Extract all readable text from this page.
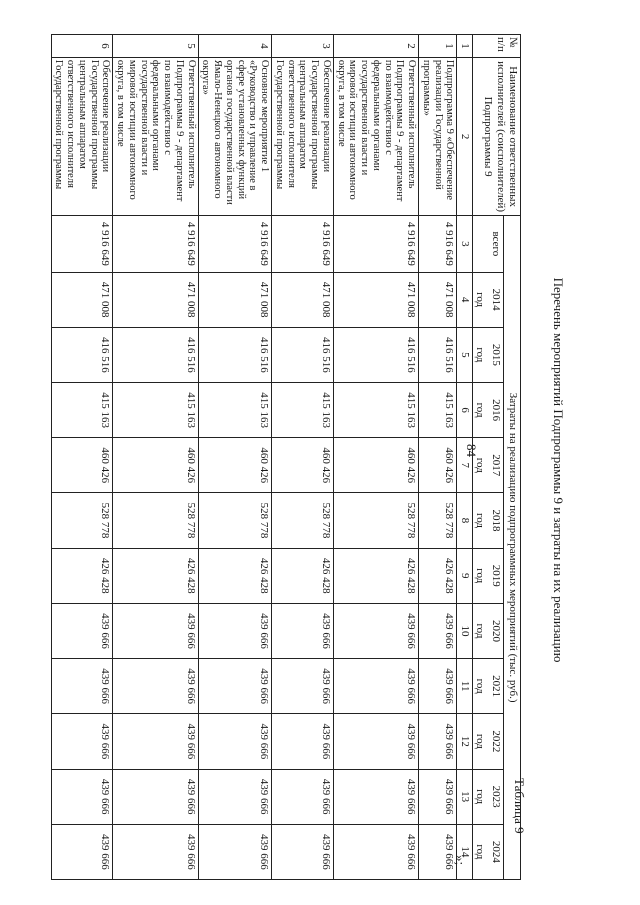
84
Таблица 9
Перечень мероприятий Подпрограммы 9 и затраты на их реализацию
№ п/п	Наименование ответственных исполнителей (соисполнителей) Подпрограммы 9	Затраты на реализацию подпрограммных мероприятий (тыс. руб.)											
		всего	2014	2015	2016	2017	2018	2019	2020	2021	2022	2023	2024
			год	год	год	год	год	год	год	год	год	год	год
1	2	3	4	5	6	7	8	9	10	11	12	13	14
1	Подпрограмма 9 «Обеспечение реализации Государственной программы»	4 916 649	471 008	416 516	415 163	460 426	528 778	426 428	439 666	439 666	439 666	439 666	439 666
2	Ответственный исполнитель Подпрограммы 9 - департамент по взаимодействию с федеральными органами государственной власти и мировой юстиции автономного округа, в том числе	4 916 649	471 008	416 516	415 163	460 426	528 778	426 428	439 666	439 666	439 666	439 666	439 666
3	Обеспечение реализации Государственной программы центральным аппаратом ответственного исполнителя Государственной программы	4 916 649	471 008	416 516	415 163	460 426	528 778	426 428	439 666	439 666	439 666	439 666	439 666
4	Основное мероприятие 1 «Руководство и управление в сфере установленных функций органов государственной власти Ямало-Ненецкого автономного округа»	4 916 649	471 008	416 516	415 163	460 426	528 778	426 428	439 666	439 666	439 666	439 666	439 666
5	Ответственный исполнитель Подпрограммы 9 - департамент по взаимодействию с федеральными органами государственной власти и мировой юстиции автономного округа, в том числе	4 916 649	471 008	416 516	415 163	460 426	528 778	426 428	439 666	439 666	439 666	439 666	439 666
6	Обеспечение реализации Государственной программы центральным аппаратом ответственного исполнителя Государственной программы	4 916 649	471 008	416 516	415 163	460 426	528 778	426 428	439 666	439 666	439 666	439 666	439 666	»;
